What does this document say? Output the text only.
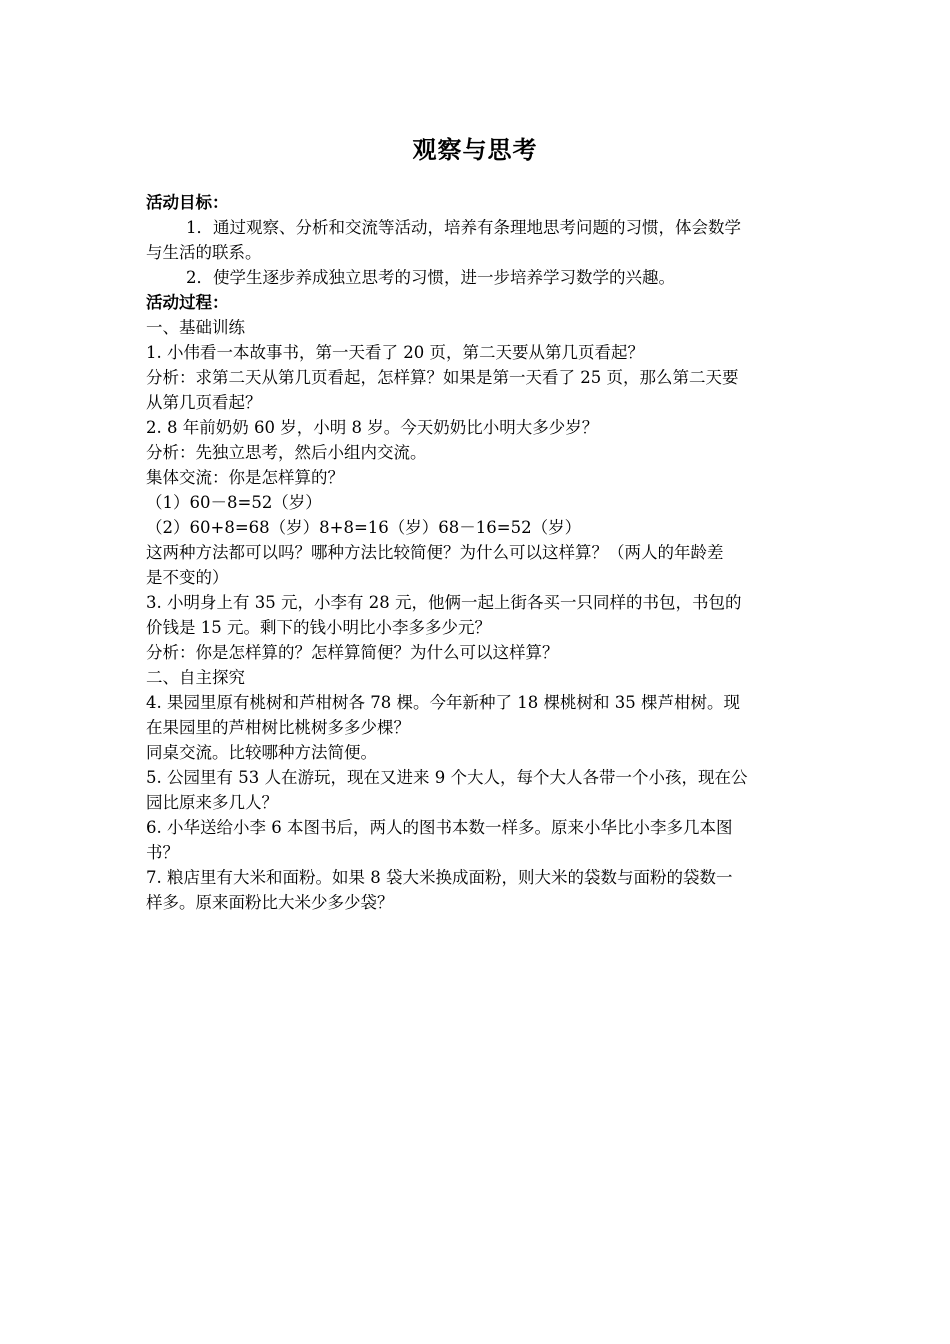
观察与思考
活动目标：
1．通过观察、分析和交流等活动，培养有条理地思考问题的习惯，体会数学
与生活的联系。
2．使学生逐步养成独立思考的习惯，进一步培养学习数学的兴趣。
活动过程：
一、基础训练
1. 小伟看一本故事书，第一天看了 20 页，第二天要从第几页看起？
分析：求第二天从第几页看起，怎样算？如果是第一天看了 25 页，那么第二天要
从第几页看起？
2. 8 年前奶奶 60 岁，小明 8 岁。今天奶奶比小明大多少岁？
分析：先独立思考，然后小组内交流。
集体交流：你是怎样算的？
（1）60－8=52（岁）
（2）60+8=68（岁）8+8=16（岁）68－16=52（岁）
这两种方法都可以吗？哪种方法比较简便？为什么可以这样算？（两人的年龄差
是不变的）
3. 小明身上有 35 元，小李有 28 元，他俩一起上街各买一只同样的书包，书包的
价钱是 15 元。剩下的钱小明比小李多多少元？
分析：你是怎样算的？怎样算简便？为什么可以这样算？
二、自主探究
4. 果园里原有桃树和芦柑树各 78 棵。今年新种了 18 棵桃树和 35 棵芦柑树。现
在果园里的芦柑树比桃树多多少棵？
同桌交流。比较哪种方法简便。
5. 公园里有 53 人在游玩，现在又进来 9 个大人，每个大人各带一个小孩，现在公
园比原来多几人？
6. 小华送给小李 6 本图书后，两人的图书本数一样多。原来小华比小李多几本图
书？
7. 粮店里有大米和面粉。如果 8 袋大米换成面粉，则大米的袋数与面粉的袋数一
样多。原来面粉比大米少多少袋？
